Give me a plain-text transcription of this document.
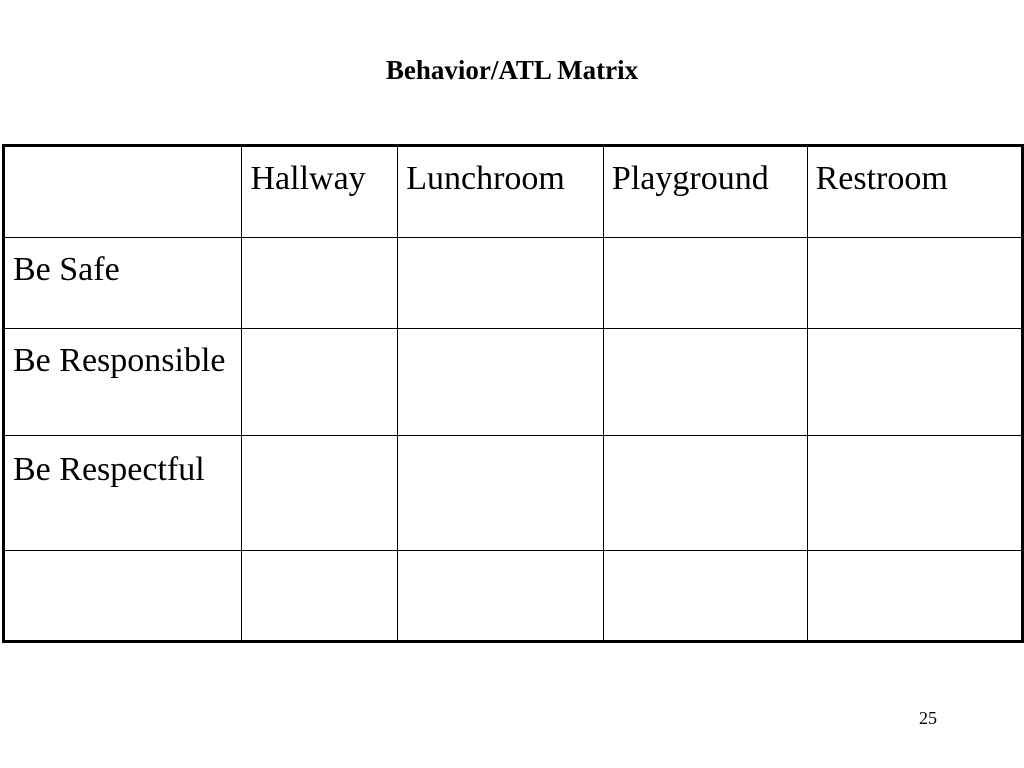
Behavior/ATL Matrix
	Hallway	Lunchroom	Playground	Restroom
Be Safe				
Be Responsible				
Be Respectful				

25
